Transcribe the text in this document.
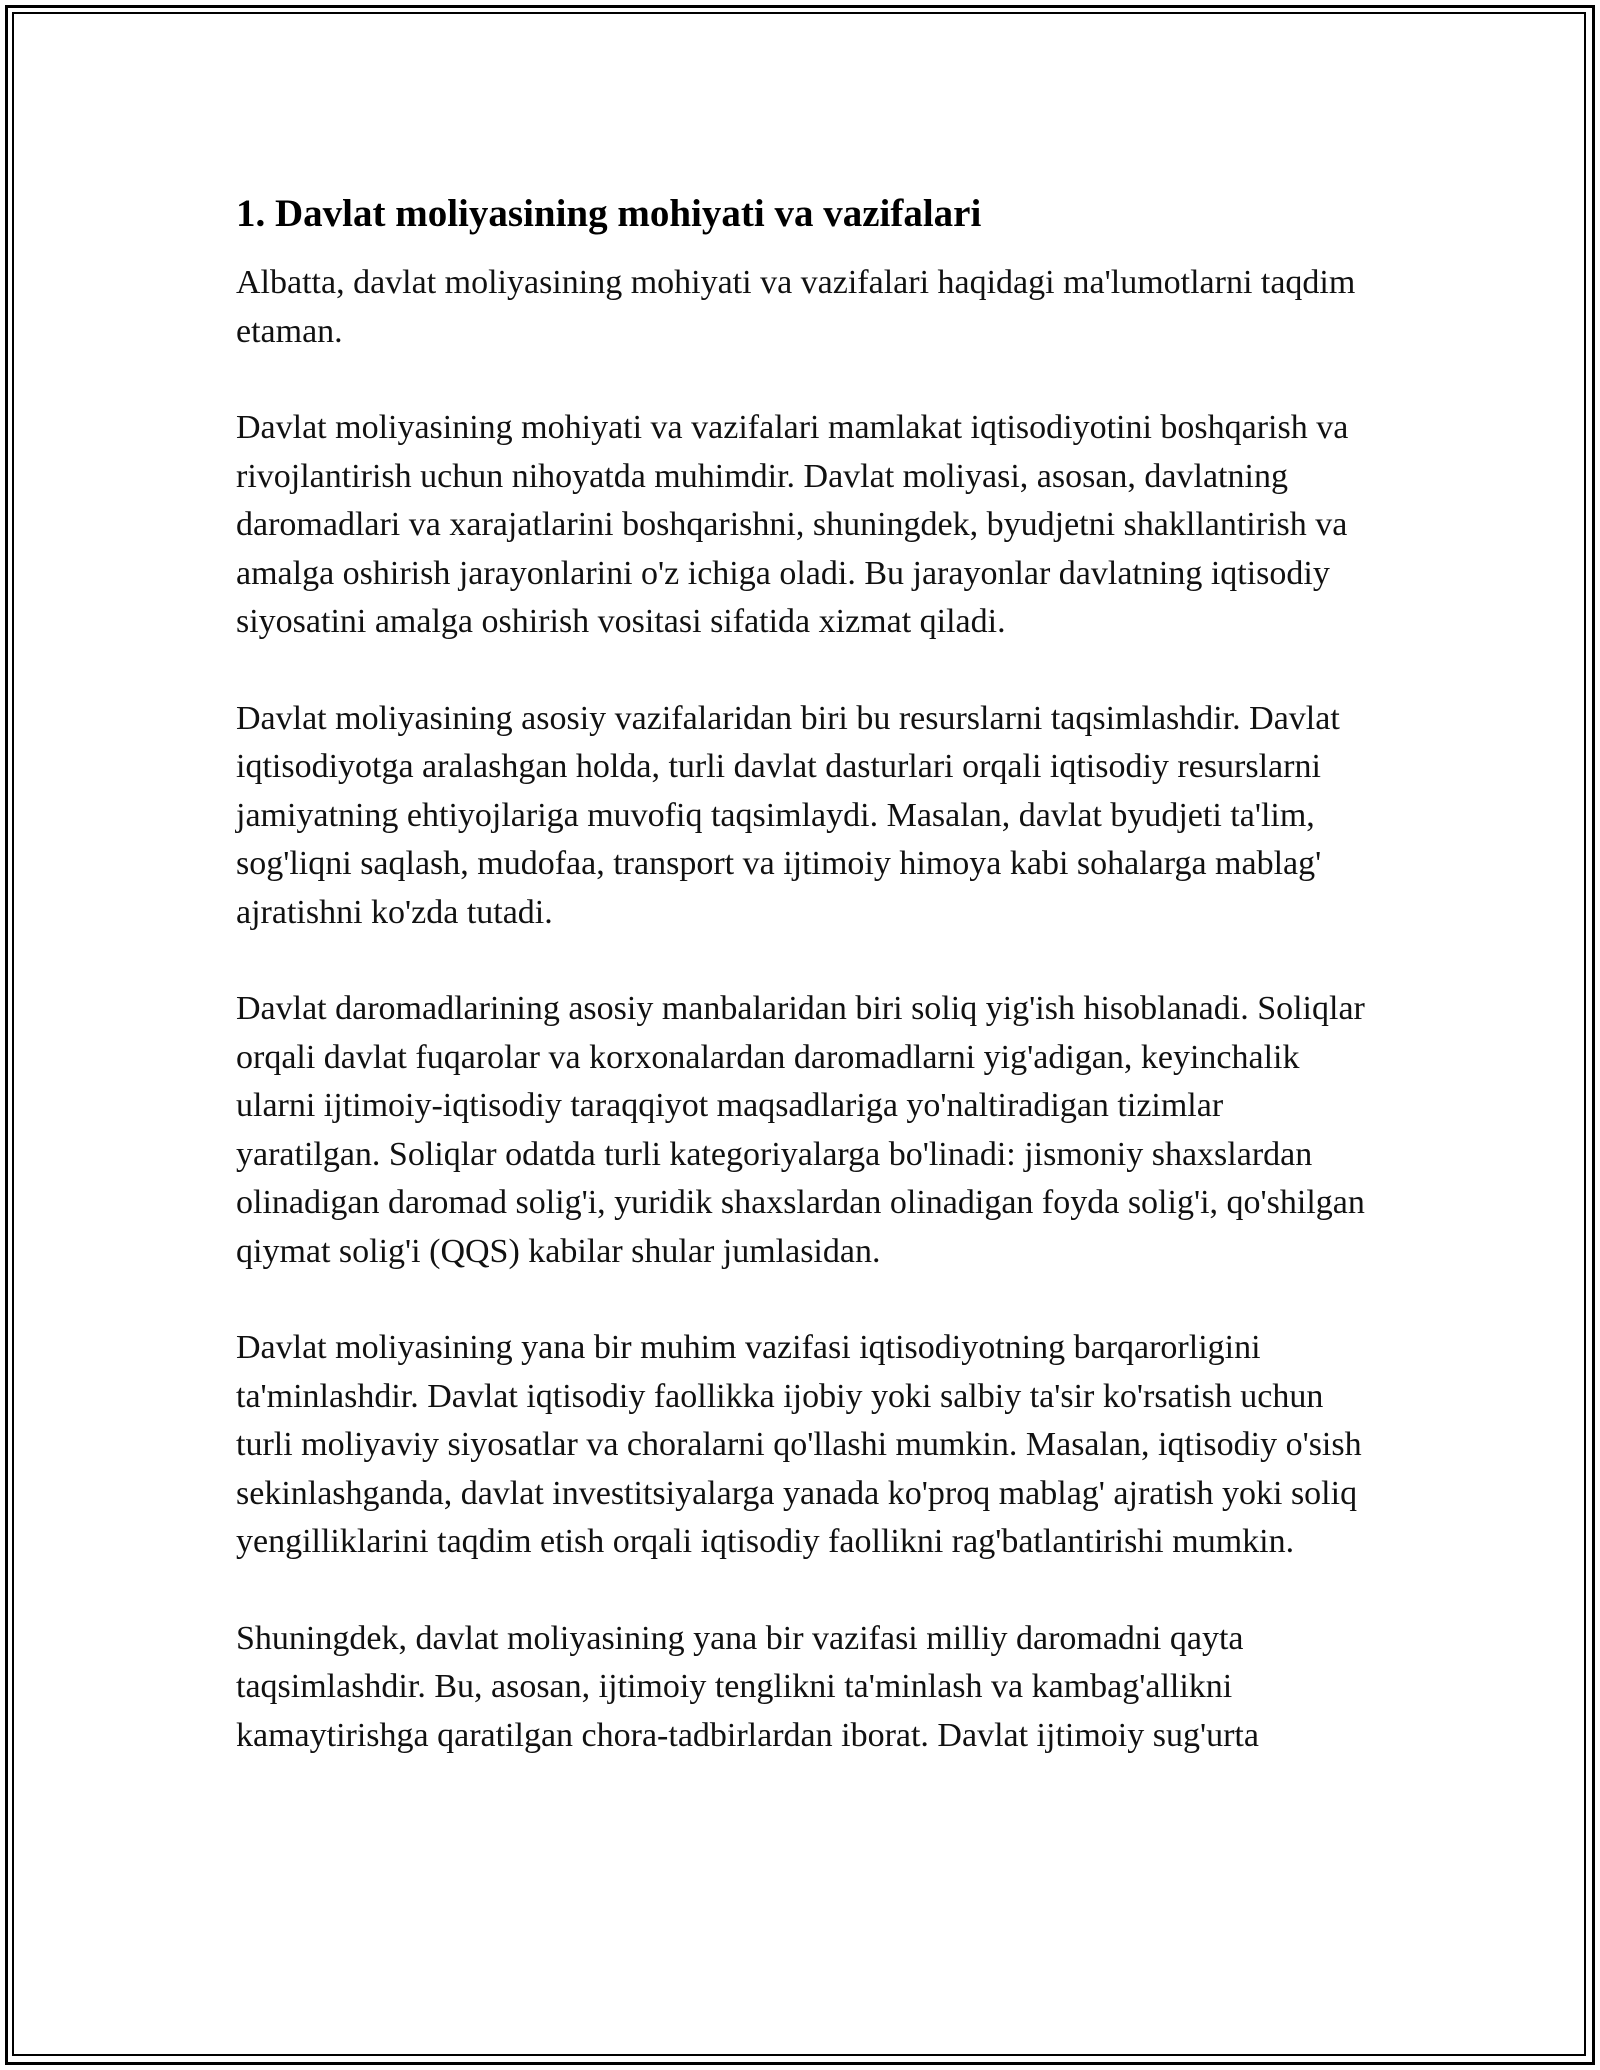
1. Davlat moliyasining mohiyati va vazifalari

Albatta, davlat moliyasining mohiyati va vazifalari haqidagi ma'lumotlarni taqdim etaman.

Davlat moliyasining mohiyati va vazifalari mamlakat iqtisodiyotini boshqarish va rivojlantirish uchun nihoyatda muhimdir. Davlat moliyasi, asosan, davlatning daromadlari va xarajatlarini boshqarishni, shuningdek, byudjetni shakllantirish va amalga oshirish jarayonlarini o'z ichiga oladi. Bu jarayonlar davlatning iqtisodiy siyosatini amalga oshirish vositasi sifatida xizmat qiladi.

Davlat moliyasining asosiy vazifalaridan biri bu resurslarni taqsimlashdir. Davlat iqtisodiyotga aralashgan holda, turli davlat dasturlari orqali iqtisodiy resurslarni jamiyatning ehtiyojlariga muvofiq taqsimlaydi. Masalan, davlat byudjeti ta'lim, sog'liqni saqlash, mudofaa, transport va ijtimoiy himoya kabi sohalarga mablag' ajratishni ko'zda tutadi.

Davlat daromadlarining asosiy manbalaridan biri soliq yig'ish hisoblanadi. Soliqlar orqali davlat fuqarolar va korxonalardan daromadlarni yig'adigan, keyinchalik ularni ijtimoiy-iqtisodiy taraqqiyot maqsadlariga yo'naltiradigan tizimlar yaratilgan. Soliqlar odatda turli kategoriyalarga bo'linadi: jismoniy shaxslardan olinadigan daromad solig'i, yuridik shaxslardan olinadigan foyda solig'i, qo'shilgan qiymat solig'i (QQS) kabilar shular jumlasidan.

Davlat moliyasining yana bir muhim vazifasi iqtisodiyotning barqarorligini ta'minlashdir. Davlat iqtisodiy faollikka ijobiy yoki salbiy ta'sir ko'rsatish uchun turli moliyaviy siyosatlar va choralarni qo'llashi mumkin. Masalan, iqtisodiy o'sish sekinlashganda, davlat investitsiyalarga yanada ko'proq mablag' ajratish yoki soliq yengilliklarini taqdim etish orqali iqtisodiy faollikni rag'batlantirishi mumkin.

Shuningdek, davlat moliyasining yana bir vazifasi milliy daromadni qayta taqsimlashdir. Bu, asosan, ijtimoiy tenglikni ta'minlash va kambag'allikni kamaytirishga qaratilgan chora-tadbirlardan iborat. Davlat ijtimoiy sug'urta
